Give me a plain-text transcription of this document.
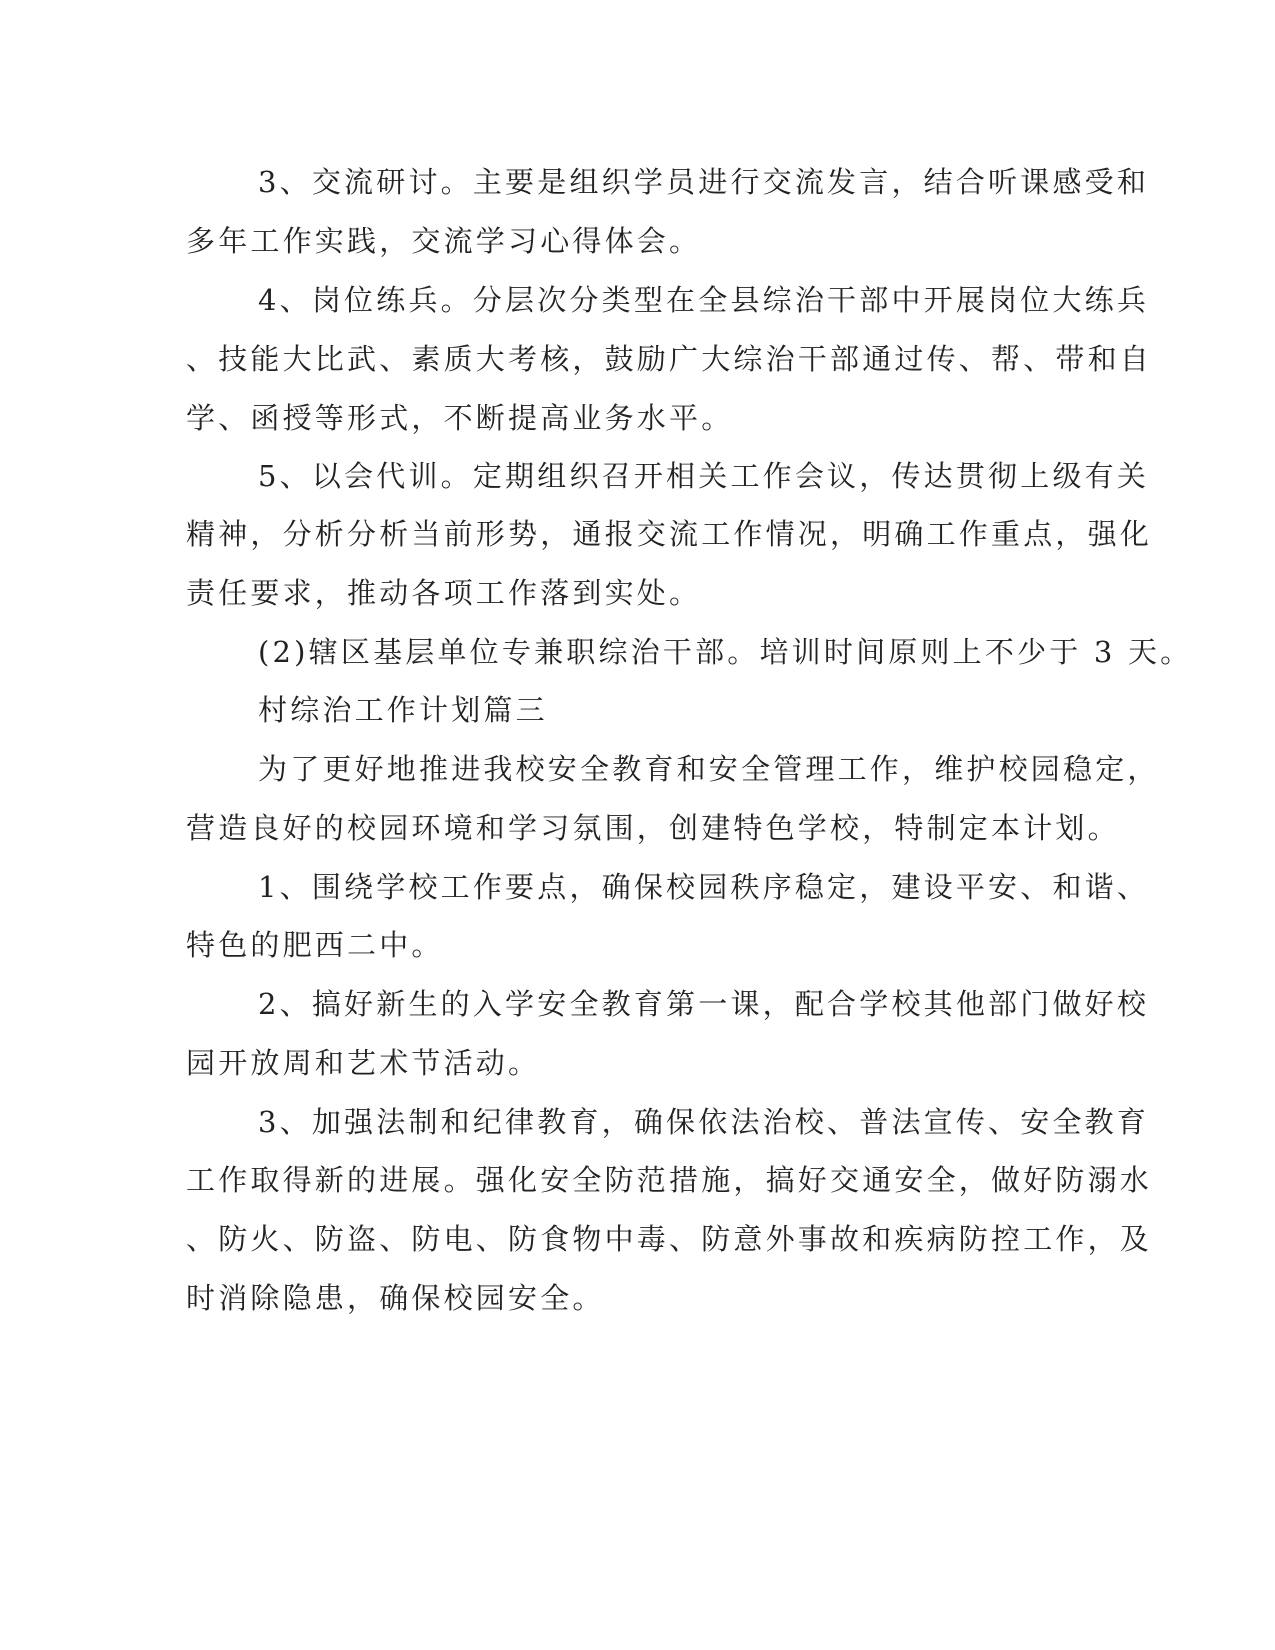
3、交流研讨。主要是组织学员进行交流发言，结合听课感受和
多年工作实践，交流学习心得体会。
4、岗位练兵。分层次分类型在全县综治干部中开展岗位大练兵
、技能大比武、素质大考核，鼓励广大综治干部通过传、帮、带和自
学、函授等形式，不断提高业务水平。
5、以会代训。定期组织召开相关工作会议，传达贯彻上级有关
精神，分析分析当前形势，通报交流工作情况，明确工作重点，强化
责任要求，推动各项工作落到实处。
(2)辖区基层单位专兼职综治干部。培训时间原则上不少于 3 天。
村综治工作计划篇三
为了更好地推进我校安全教育和安全管理工作，维护校园稳定，
营造良好的校园环境和学习氛围，创建特色学校，特制定本计划。
1、围绕学校工作要点，确保校园秩序稳定，建设平安、和谐、
特色的肥西二中。
2、搞好新生的入学安全教育第一课，配合学校其他部门做好校
园开放周和艺术节活动。
3、加强法制和纪律教育，确保依法治校、普法宣传、安全教育
工作取得新的进展。强化安全防范措施，搞好交通安全，做好防溺水
、防火、防盗、防电、防食物中毒、防意外事故和疾病防控工作，及
时消除隐患，确保校园安全。
